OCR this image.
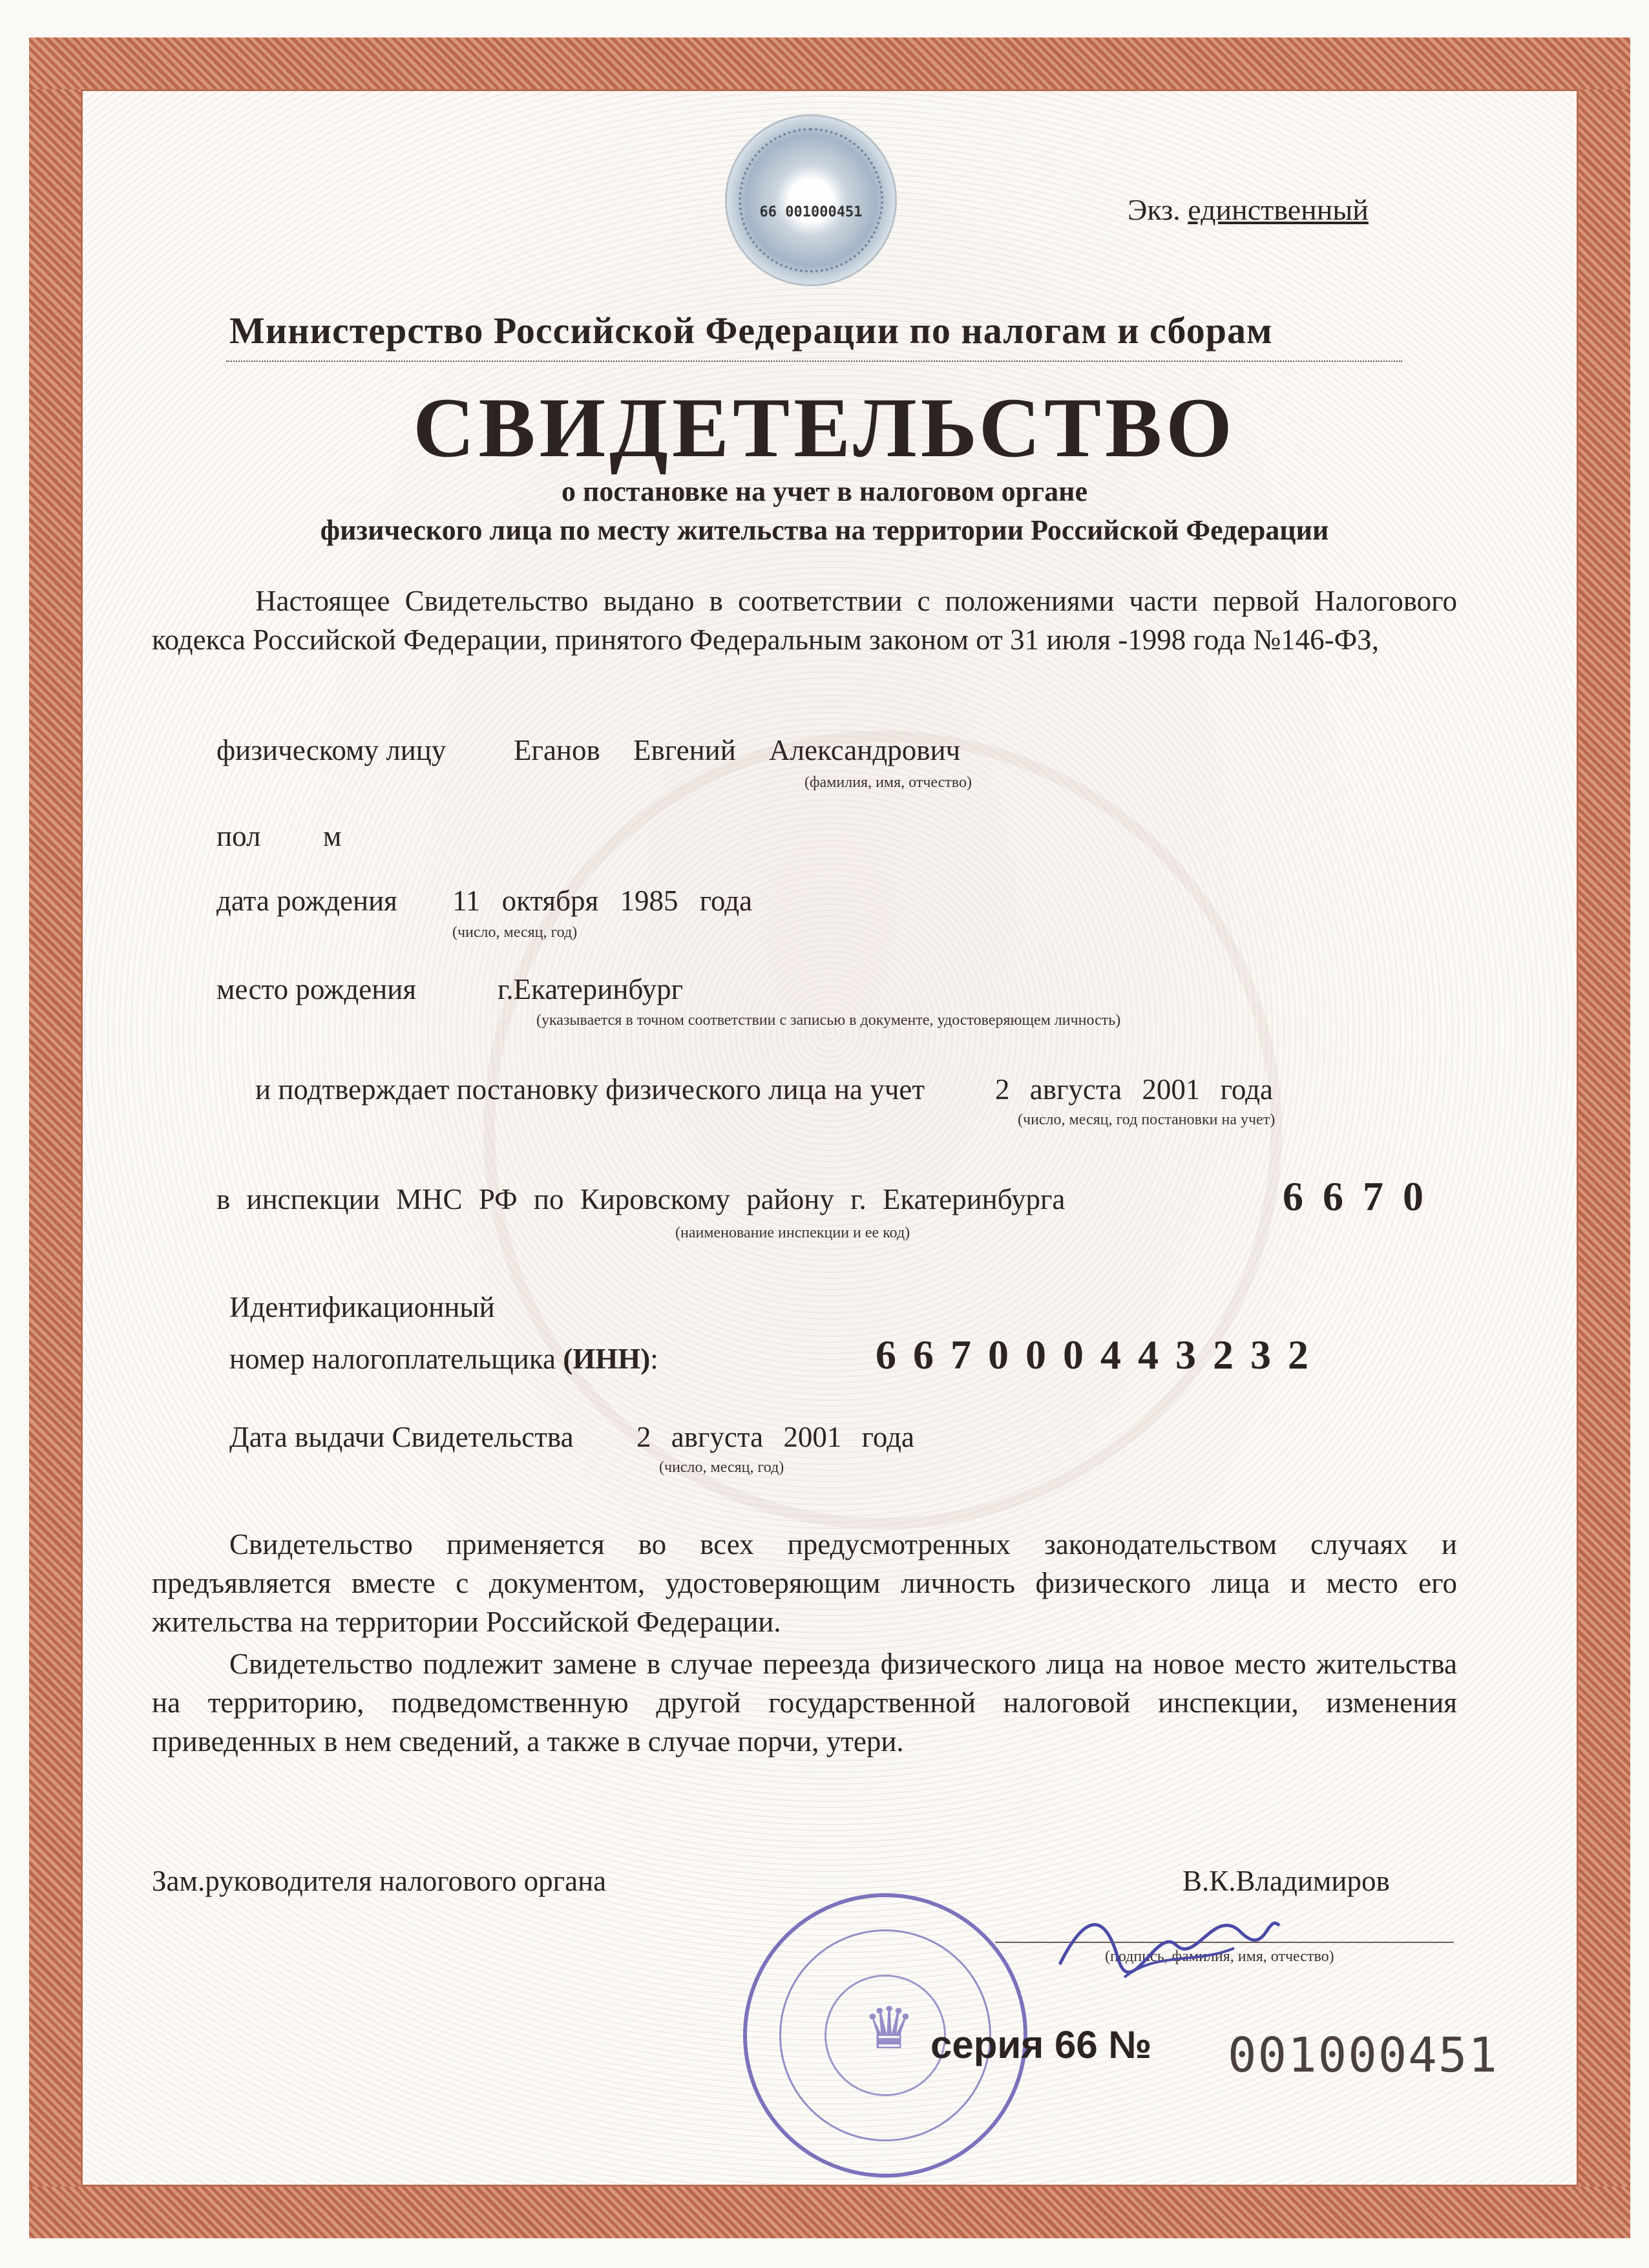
66 001000451	Экз. единственный
Министерство Российской Федерации по налогам и сборам
СВИДЕТЕЛЬСТВО
о постановке на учет в налоговом органе
физического лица по месту жительства на территории Российской Федерации
Настоящее Свидетельство выдано в соответствии с положениями части первой Налогового кодекса Российской Федерации, принятого Федеральным законом от 31 июля -1998 года №146-ФЗ,
физическому лицу Еганов Евгений Александрович
(фамилия, имя, отчество)
пол м
дата рождения 11 октября 1985 года
(число, месяц, год)
место рождения	г.Екатеринбург
(указывается в точном соответствии с записью в документе, удостоверяющем личность)
и подтверждает постановку физического лица на учет 2 августа 2001 года
(число, месяц, год постановки на учет)
в инспекции МНС РФ по Кировскому району г. Екатеринбурга	6670
(наименование инспекции и ее код)
Идентификационный
номер налогоплательщика (ИНН):	667000443232
Дата выдачи Свидетельства 2 августа 2001 года
(число, месяц, год)
Свидетельство применяется во всех предусмотренных законодательством случаях и предъявляется вместе с документом, удостоверяющим личность физического лица и место его жительства на территории Российской Федерации.
Свидетельство подлежит замене в случае переезда физического лица на новое место жительства на территорию, подведомственную другой государственной налоговой инспекции, изменения приведенных в нем сведений, а также в случае порчи, утери.
Зам.руководителя налогового органа	В.К.Владимиров
(подпись, фамилия, имя, отчество)
♛ серия 66 № 001000451
